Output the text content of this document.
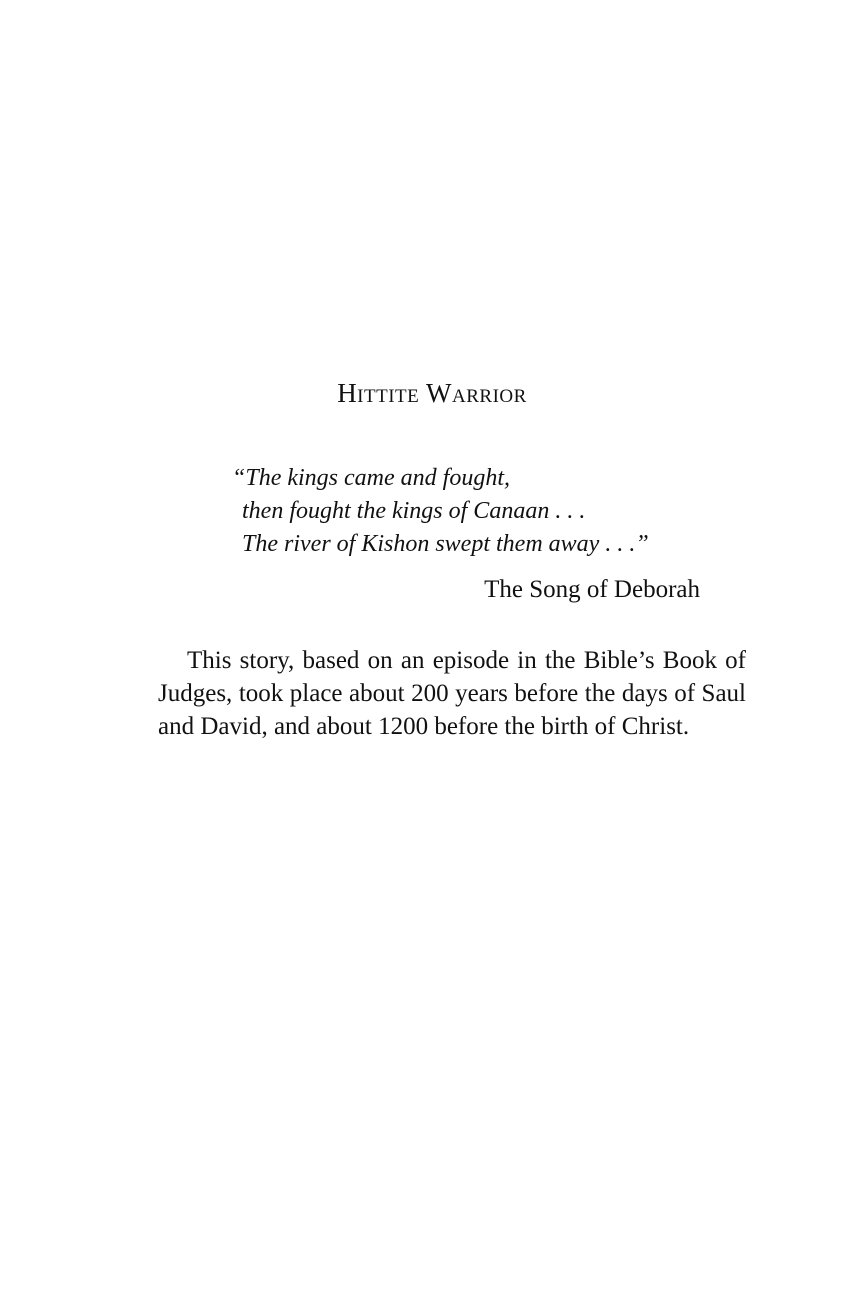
Hittite Warrior
“The kings came and fought,
then fought the kings of Canaan . . .
The river of Kishon swept them away . . .”
The Song of Deborah

This story, based on an episode in the Bible’s Book of Judges, took place about 200 years before the days of Saul and David, and about 1200 before the birth of Christ.
